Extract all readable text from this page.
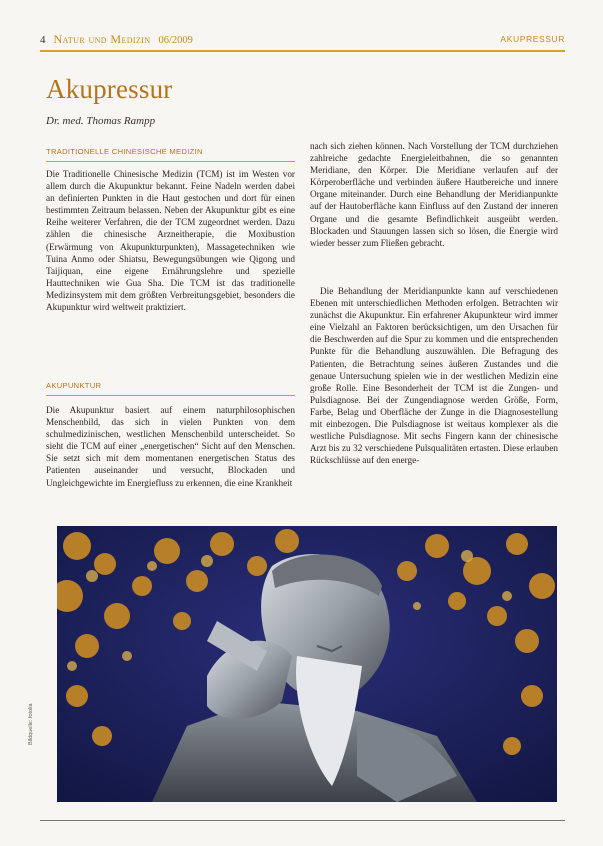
4 Natur und Medizin 06/2009	AKUPRESSUR
Akupressur
Dr. med. Thomas Rampp
TRADITIONELLE CHINESISCHE MEDIZIN

Die Traditionelle Chinesische Medizin (TCM) ist im Westen vor allem durch die Akupunktur bekannt. Feine Nadeln werden dabei an definierten Punkten in die Haut gestochen und dort für einen bestimmten Zeitraum belassen. Neben der Akupunktur gibt es eine Reihe weiterer Verfahren, die der TCM zugeordnet werden. Dazu zählen die chinesische Arzneitherapie, die Moxibustion (Erwärmung von Akupunkturpunkten), Massagetechniken wie Tuina Anmo oder Shiatsu, Bewegungsübungen wie Qigong und Taijiquan, eine eigene Ernährungslehre und spezielle Hauttechniken wie Gua Sha. Die TCM ist das traditionelle Medizinsystem mit dem größten Verbreitungsgebiet, besonders die Akupunktur wird weltweit praktiziert.

AKUPUNKTUR

Die Akupunktur basiert auf einem naturphilosophischen Menschenbild, das sich in vielen Punkten von dem schulmedizinischen, westlichen Menschenbild unterscheidet. So sieht die TCM auf einer „energetischen“ Sicht auf den Menschen. Sie setzt sich mit dem momentanen energetischen Status des Patienten auseinander und versucht, Blockaden und Ungleichgewichte im Energiefluss zu erkennen, die eine Krankheit

nach sich ziehen können. Nach Vorstellung der TCM durchziehen zahlreiche gedachte Energieleitbahnen, die so genannten Meridiane, den Körper. Die Meridiane verlaufen auf der Körperoberfläche und verbinden äußere Hautbereiche und innere Organe miteinander. Durch eine Behandlung der Meridianpunkte auf der Hautoberfläche kann Einfluss auf den Zustand der inneren Organe und die gesamte Befindlichkeit ausgeübt werden. Blockaden und Stauungen lassen sich so lösen, die Energie wird wieder besser zum Fließen gebracht.

Die Behandlung der Meridianpunkte kann auf verschiedenen Ebenen mit unterschiedlichen Methoden erfolgen. Betrachten wir zunächst die Akupunktur. Ein erfahrener Akupunkteur wird immer eine Vielzahl an Faktoren berücksichtigen, um den Ursachen für die Beschwerden auf die Spur zu kommen und die entsprechenden Punkte für die Behandlung auszuwählen. Die Befragung des Patienten, die Betrachtung seines äußeren Zustandes und die genaue Untersuchung spielen wie in der westlichen Medizin eine große Rolle. Eine Besonderheit der TCM ist die Zungen- und Pulsdiagnose. Bei der Zungendiagnose werden Größe, Form, Farbe, Belag und Oberfläche der Zunge in die Diagnosestellung mit einbezogen. Die Pulsdiagnose ist weitaus komplexer als die westliche Pulsdiagnose. Mit sechs Fingern kann der chinesische Arzt bis zu 32 verschiedene Pulsqualitäten ertasten. Diese erlauben Rückschlüsse auf den energe-

Bildquelle: fotolia
